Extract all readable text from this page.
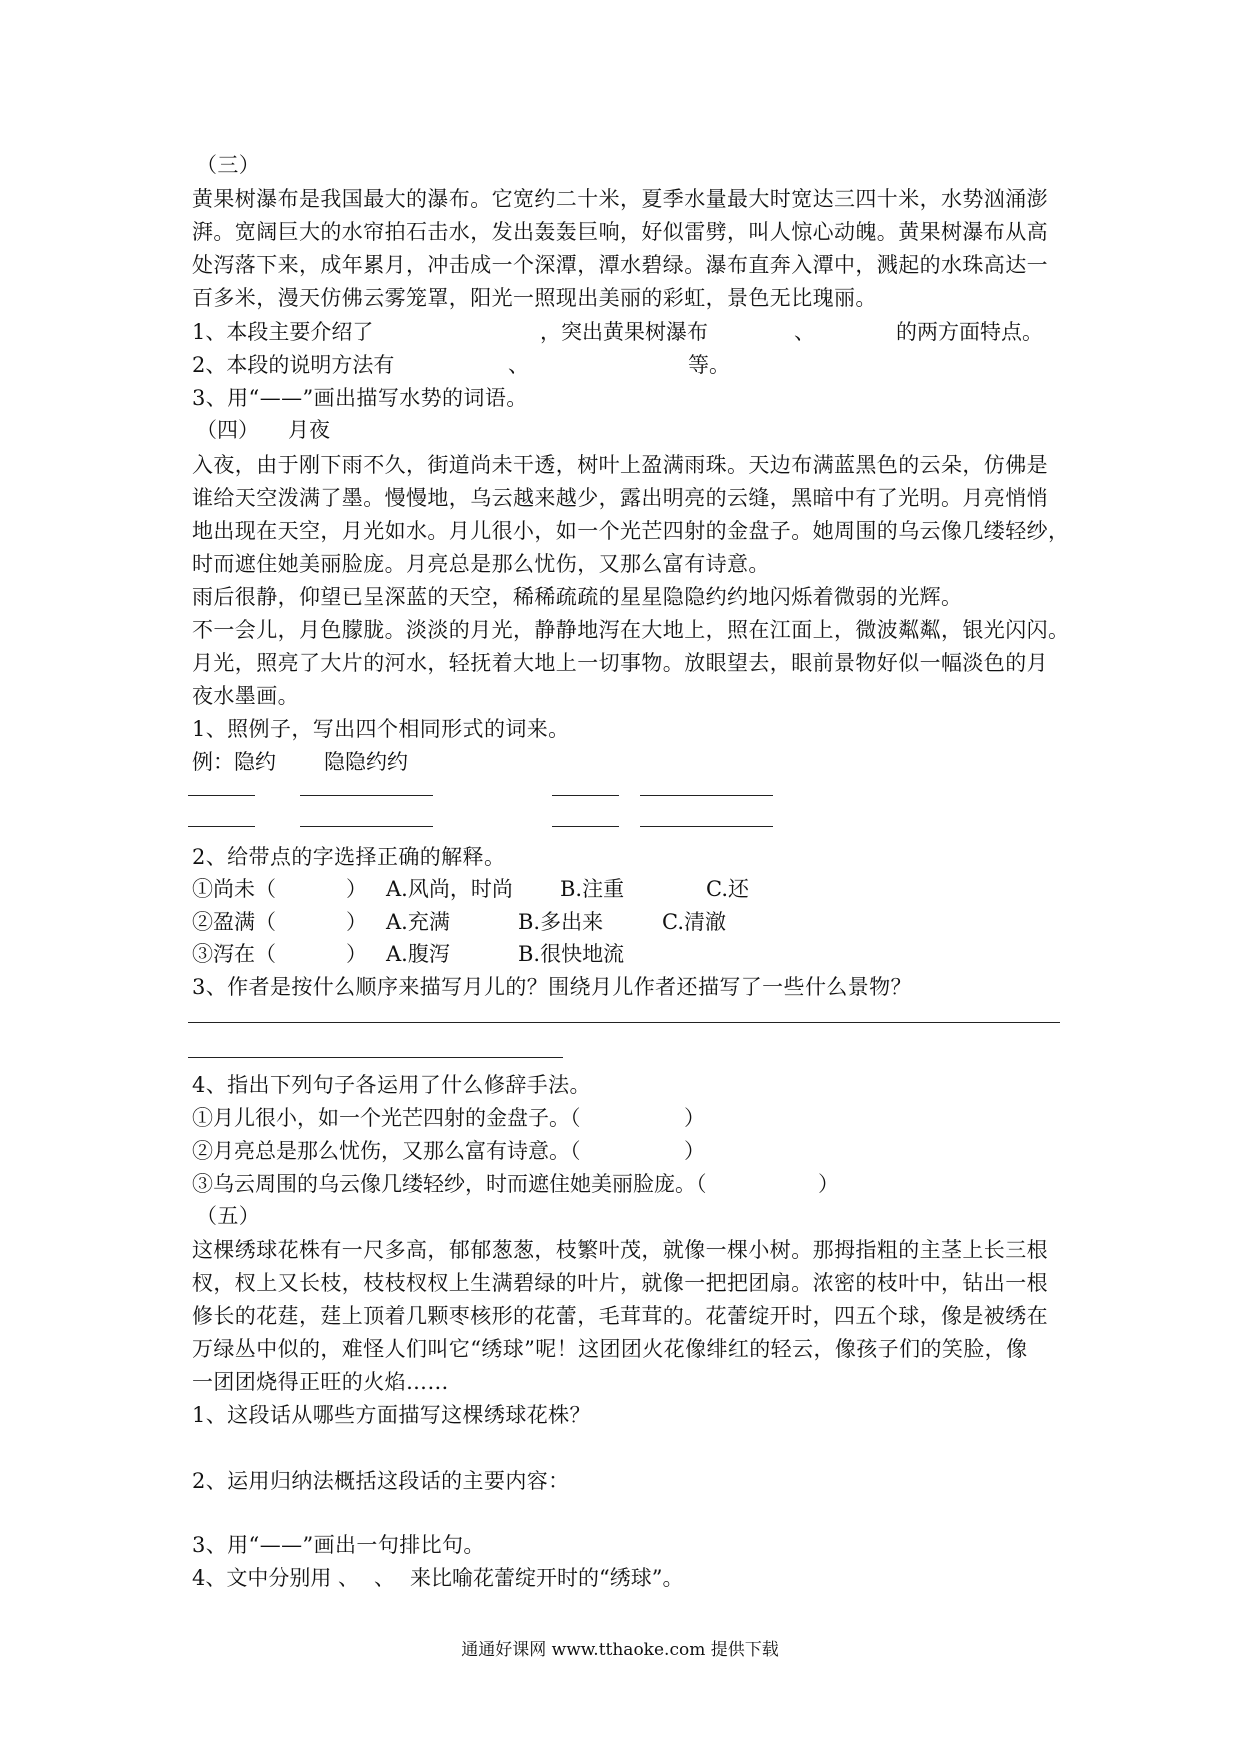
（三）
黄果树瀑布是我国最大的瀑布。它宽约二十米，夏季水量最大时宽达三四十米，水势汹涌澎
湃。宽阔巨大的水帘拍石击水，发出轰轰巨响，好似雷劈，叫人惊心动魄。黄果树瀑布从高
处泻落下来，成年累月，冲击成一个深潭，潭水碧绿。瀑布直奔入潭中，溅起的水珠高达一
百多米，漫天仿佛云雾笼罩，阳光一照现出美丽的彩虹，景色无比瑰丽。
1、本段主要介绍了	，突出黄果树瀑布	、	的两方面特点。
2、本段的说明方法有	、	等。
3、用“——”画出描写水势的词语。
（四） 月夜
入夜，由于刚下雨不久，街道尚未干透，树叶上盈满雨珠。天边布满蓝黑色的云朵，仿佛是
谁给天空泼满了墨。慢慢地，乌云越来越少，露出明亮的云缝，黑暗中有了光明。月亮悄悄
地出现在天空，月光如水。月儿很小，如一个光芒四射的金盘子。她周围的乌云像几缕轻纱，
时而遮住她美丽脸庞。月亮总是那么忧伤，又那么富有诗意。
雨后很静，仰望已呈深蓝的天空，稀稀疏疏的星星隐隐约约地闪烁着微弱的光辉。
不一会儿，月色朦胧。淡淡的月光，静静地泻在大地上，照在江面上，微波粼粼，银光闪闪。
月光，照亮了大片的河水，轻抚着大地上一切事物。放眼望去，眼前景物好似一幅淡色的月
夜水墨画。
1、照例子，写出四个相同形式的词来。
例：隐约 隐隐约约
2、给带点的字选择正确的解释。
①尚未（	） A.风尚，时尚 B.注重	C.还
②盈满（	） A.充满	B.多出来	C.清澈
③泻在（	） A.腹泻	B.很快地流
3、作者是按什么顺序来描写月儿的？围绕月儿作者还描写了一些什么景物？
4、指出下列句子各运用了什么修辞手法。
①月儿很小，如一个光芒四射的金盘子。（	）
②月亮总是那么忧伤，又那么富有诗意。（	）
③乌云周围的乌云像几缕轻纱，时而遮住她美丽脸庞。（	）
（五）
这棵绣球花株有一尺多高，郁郁葱葱，枝繁叶茂，就像一棵小树。那拇指粗的主茎上长三根
杈，杈上又长枝，枝枝杈杈上生满碧绿的叶片，就像一把把团扇。浓密的枝叶中，钻出一根
修长的花莛，莛上顶着几颗枣核形的花蕾，毛茸茸的。花蕾绽开时，四五个球，像是被绣在
万绿丛中似的，难怪人们叫它“绣球”呢！这团团火花像绯红的轻云，像孩子们的笑脸，像
一团团烧得正旺的火焰……
1、这段话从哪些方面描写这棵绣球花株？
2、运用归纳法概括这段话的主要内容：
3、用“——”画出一句排比句。
4、文中分别用 、 、 来比喻花蕾绽开时的“绣球”。
通通好课网 www.tthaoke.com 提供下载
